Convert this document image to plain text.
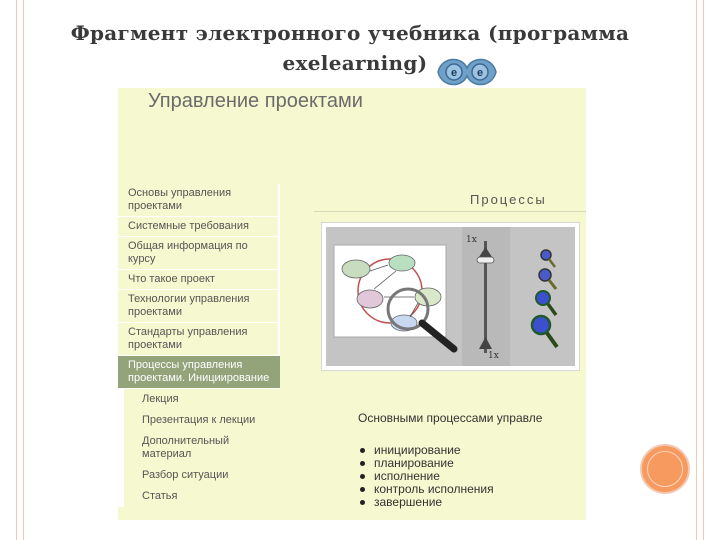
Фрагмент электронного учебника (программа
exelearning)	e e
Управление проектами
Основы управления проектами
Системные требования
Общая информация по курсу
Что такое проект
Технологии управления проектами
Стандарты управления проектами
Процессы управления проектами. Инициирование
Лекция
Презентация к лекции
Дополнительный материал
Разбор ситуации
Статья
Процессы
1x
1x
Основными процессами управле
инициирование
планирование
исполнение
контроль исполнения
завершение
